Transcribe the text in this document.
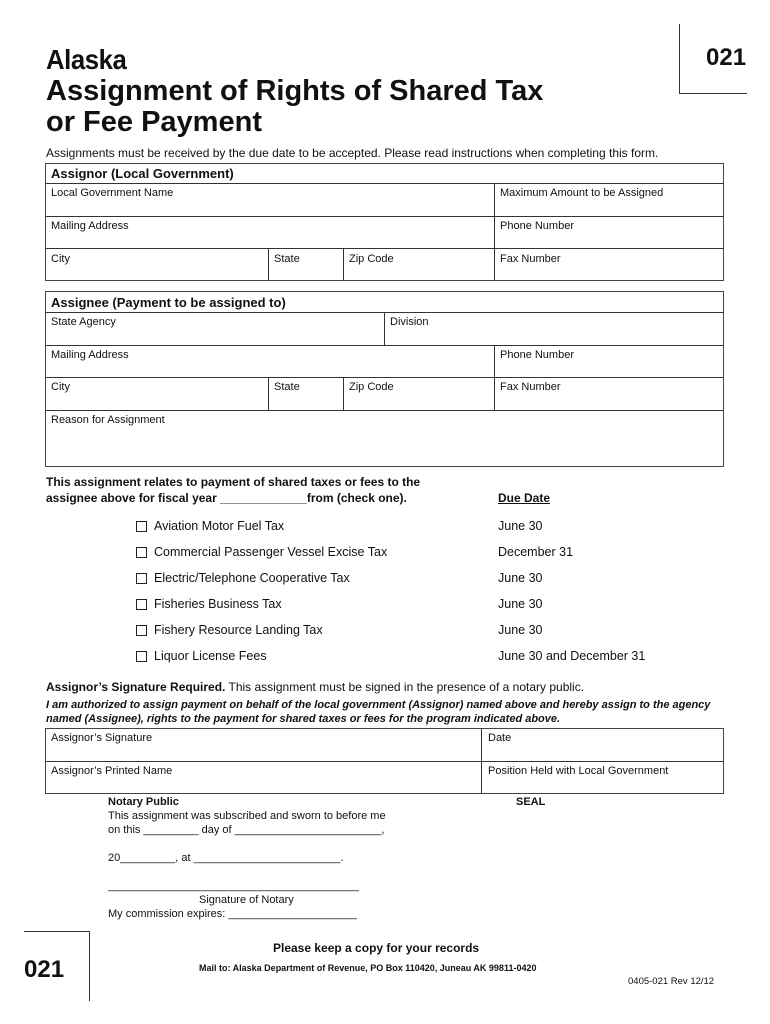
Alaska
Assignment of Rights of Shared Tax
or Fee Payment
021
Assignments must be received by the due date to be accepted. Please read instructions when completing this form.
Assignor (Local Government)
Local Government Name	Maximum Amount to be Assigned
Mailing Address	Phone Number
City	State	Zip Code	Fax Number
Assignee (Payment to be assigned to)
State Agency	Division
Mailing Address	Phone Number
City	State	Zip Code	Fax Number
Reason for Assignment
This assignment relates to payment of shared taxes or fees to the
assignee above for fiscal year _____________from (check one).	Due Date
Aviation Motor Fuel Tax	June 30
Commercial Passenger Vessel Excise Tax	December 31
Electric/Telephone Cooperative Tax	June 30
Fisheries Business Tax	June 30
Fishery Resource Landing Tax	June 30
Liquor License Fees	June 30 and December 31
Assignor’s Signature Required. This assignment must be signed in the presence of a notary public.
I am authorized to assign payment on behalf of the local government (Assignor) named above and hereby assign to the agency named (Assignee), rights to the payment for shared taxes or fees for the program indicated above.
Assignor’s Signature	Date
Assignor’s Printed Name	Position Held with Local Government
Notary Public	SEAL
This assignment was subscribed and sworn to before me
on this _________ day of ________________________,
20_________, at ________________________.
_________________________________________
Signature of Notary
My commission expires: _____________________
021
Please keep a copy for your records
Mail to: Alaska Department of Revenue, PO Box 110420, Juneau AK 99811-0420
0405-021 Rev 12/12
